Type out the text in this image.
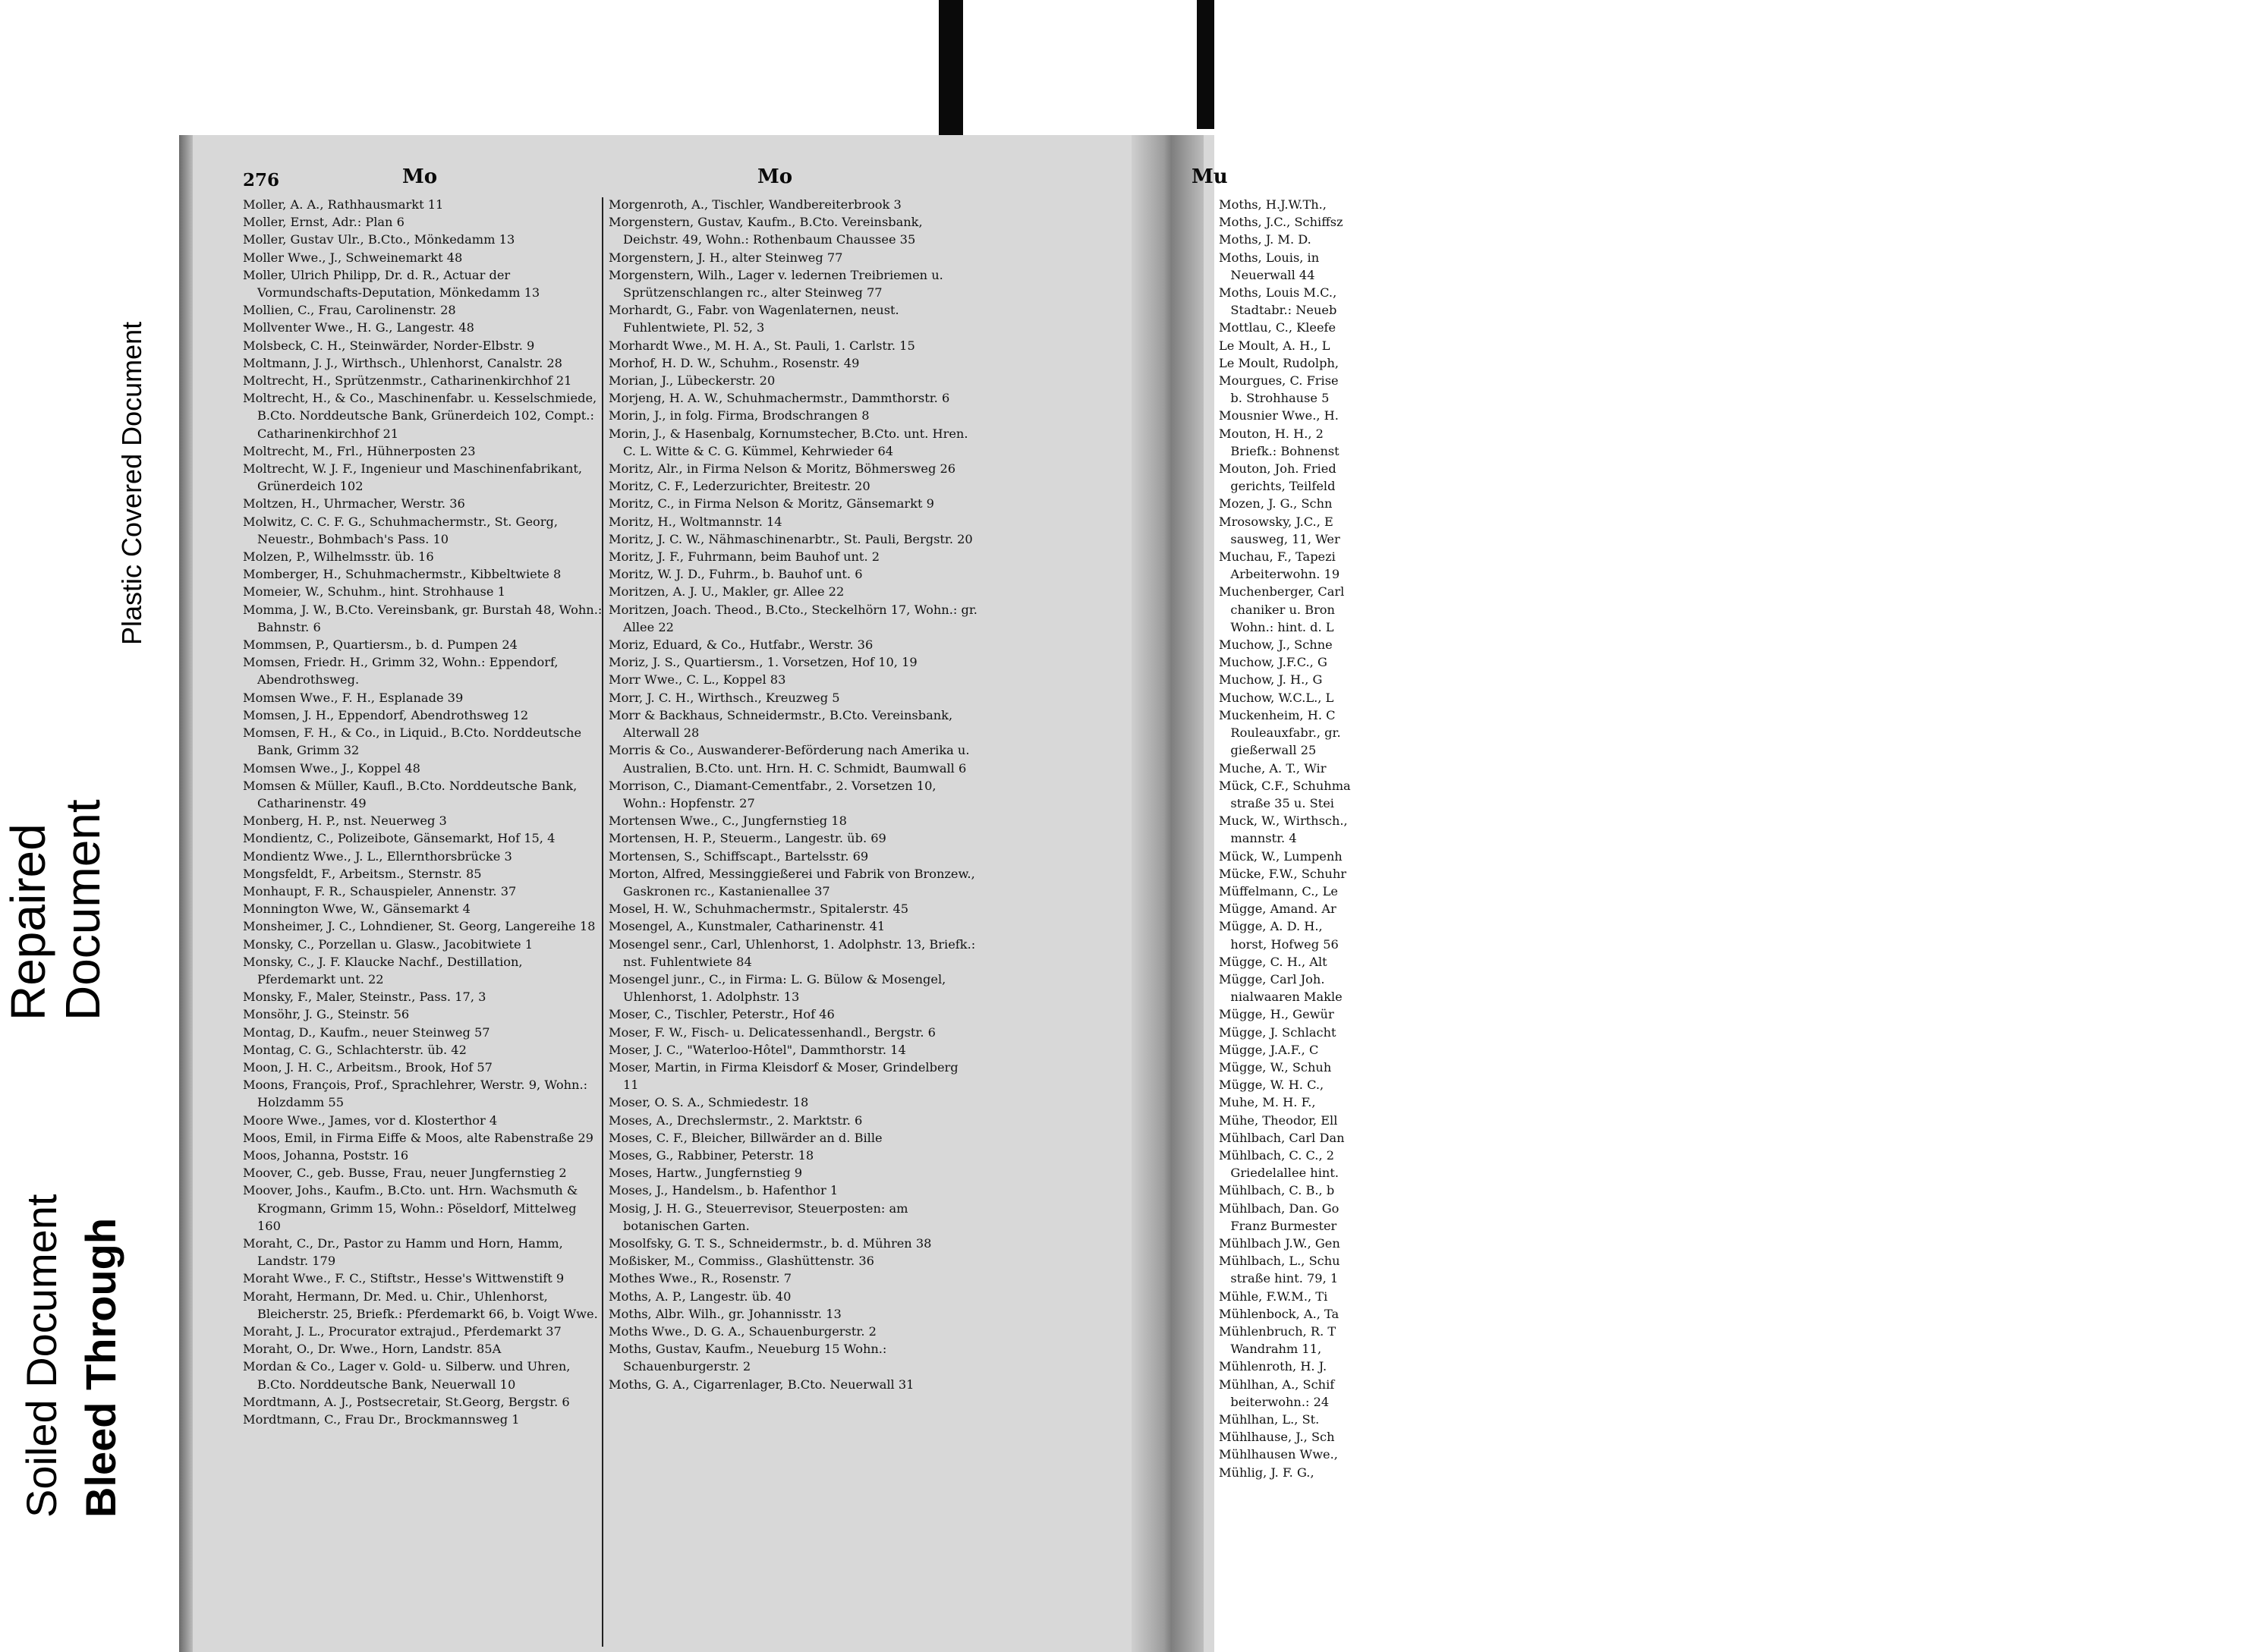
276	Mo	Mo	Mu
Moller, A. A., Rathhausmarkt 11
Moller, Ernst, Adr.: Plan 6
Moller, Gustav Ulr., B.Cto., Mönkedamm 13
Moller Wwe., J., Schweinemarkt 48
Moller, Ulrich Philipp, Dr. d. R., Actuar der Vormundschafts-Deputation, Mönkedamm 13
Mollien, C., Frau, Carolinenstr. 28
Mollventer Wwe., H. G., Langestr. 48
Molsbeck, C. H., Steinwärder, Norder-Elbstr. 9
Moltmann, J. J., Wirthsch., Uhlenhorst, Canalstr. 28
Moltrecht, H., Sprützenmstr., Catharinenkirchhof 21
Moltrecht, H., & Co., Maschinenfabr. u. Kesselschmiede, B.Cto. Norddeutsche Bank, Grünerdeich 102, Compt.: Catharinenkirchhof 21
Moltrecht, M., Frl., Hühnerposten 23
Moltrecht, W. J. F., Ingenieur und Maschinenfabrikant, Grünerdeich 102
Moltzen, H., Uhrmacher, Werstr. 36
Molwitz, C. C. F. G., Schuhmachermstr., St. Georg, Neuestr., Bohmbach's Pass. 10
Molzen, P., Wilhelmsstr. üb. 16
Momberger, H., Schuhmachermstr., Kibbeltwiete 8
Momeier, W., Schuhm., hint. Strohhause 1
Momma, J. W., B.Cto. Vereinsbank, gr. Burstah 48, Wohn.: Bahnstr. 6
Mommsen, P., Quartiersm., b. d. Pumpen 24
Momsen, Friedr. H., Grimm 32, Wohn.: Eppendorf, Abendrothsweg.
Momsen Wwe., F. H., Esplanade 39
Momsen, J. H., Eppendorf, Abendrothsweg 12
Momsen, F. H., & Co., in Liquid., B.Cto. Norddeutsche Bank, Grimm 32
Momsen Wwe., J., Koppel 48
Momsen & Müller, Kaufl., B.Cto. Norddeutsche Bank, Catharinenstr. 49
Monberg, H. P., nst. Neuerweg 3
Mondientz, C., Polizeibote, Gänsemarkt, Hof 15, 4
Mondientz Wwe., J. L., Ellernthorsbrücke 3
Mongsfeldt, F., Arbeitsm., Sternstr. 85
Monhaupt, F. R., Schauspieler, Annenstr. 37
Monnington Wwe, W., Gänsemarkt 4
Monsheimer, J. C., Lohndiener, St. Georg, Langereihe 18
Monsky, C., Porzellan u. Glasw., Jacobitwiete 1
Monsky, C., J. F. Klaucke Nachf., Destillation, Pferdemarkt unt. 22
Monsky, F., Maler, Steinstr., Pass. 17, 3
Monsöhr, J. G., Steinstr. 56
Montag, D., Kaufm., neuer Steinweg 57
Montag, C. G., Schlachterstr. üb. 42
Moon, J. H. C., Arbeitsm., Brook, Hof 57
Moons, François, Prof., Sprachlehrer, Werstr. 9, Wohn.: Holzdamm 55
Moore Wwe., James, vor d. Klosterthor 4
Moos, Emil, in Firma Eiffe & Moos, alte Rabenstraße 29
Moos, Johanna, Poststr. 16
Moover, C., geb. Busse, Frau, neuer Jungfernstieg 2
Moover, Johs., Kaufm., B.Cto. unt. Hrn. Wachsmuth & Krogmann, Grimm 15, Wohn.: Pöseldorf, Mittelweg 160
Moraht, C., Dr., Pastor zu Hamm und Horn, Hamm, Landstr. 179
Moraht Wwe., F. C., Stiftstr., Hesse's Wittwenstift 9
Moraht, Hermann, Dr. Med. u. Chir., Uhlenhorst, Bleicherstr. 25, Briefk.: Pferdemarkt 66, b. Voigt Wwe.
Moraht, J. L., Procurator extrajud., Pferdemarkt 37
Moraht, O., Dr. Wwe., Horn, Landstr. 85A
Mordan & Co., Lager v. Gold- u. Silberw. und Uhren, B.Cto. Norddeutsche Bank, Neuerwall 10
Mordtmann, A. J., Postsecretair, St.Georg, Bergstr. 6
Mordtmann, C., Frau Dr., Brockmannsweg 1
Morgenroth, A., Tischler, Wandbereiterbrook 3
Morgenstern, Gustav, Kaufm., B.Cto. Vereinsbank, Deichstr. 49, Wohn.: Rothenbaum Chaussee 35
Morgenstern, J. H., alter Steinweg 77
Morgenstern, Wilh., Lager v. ledernen Treibriemen u. Sprützenschlangen rc., alter Steinweg 77
Morhardt, G., Fabr. von Wagenlaternen, neust. Fuhlentwiete, Pl. 52, 3
Morhardt Wwe., M. H. A., St. Pauli, 1. Carlstr. 15
Morhof, H. D. W., Schuhm., Rosenstr. 49
Morian, J., Lübeckerstr. 20
Morjeng, H. A. W., Schuhmachermstr., Dammthorstr. 6
Morin, J., in folg. Firma, Brodschrangen 8
Morin, J., & Hasenbalg, Kornumstecher, B.Cto. unt. Hren. C. L. Witte & C. G. Kümmel, Kehrwieder 64
Moritz, Alr., in Firma Nelson & Moritz, Böhmersweg 26
Moritz, C. F., Lederzurichter, Breitestr. 20
Moritz, C., in Firma Nelson & Moritz, Gänsemarkt 9
Moritz, H., Woltmannstr. 14
Moritz, J. C. W., Nähmaschinenarbtr., St. Pauli, Bergstr. 20
Moritz, J. F., Fuhrmann, beim Bauhof unt. 2
Moritz, W. J. D., Fuhrm., b. Bauhof unt. 6
Moritzen, A. J. U., Makler, gr. Allee 22
Moritzen, Joach. Theod., B.Cto., Steckelhörn 17, Wohn.: gr. Allee 22
Moriz, Eduard, & Co., Hutfabr., Werstr. 36
Moriz, J. S., Quartiersm., 1. Vorsetzen, Hof 10, 19
Morr Wwe., C. L., Koppel 83
Morr, J. C. H., Wirthsch., Kreuzweg 5
Morr & Backhaus, Schneidermstr., B.Cto. Vereinsbank, Alterwall 28
Morris & Co., Auswanderer-Beförderung nach Amerika u. Australien, B.Cto. unt. Hrn. H. C. Schmidt, Baumwall 6
Morrison, C., Diamant-Cementfabr., 2. Vorsetzen 10, Wohn.: Hopfenstr. 27
Mortensen Wwe., C., Jungfernstieg 18
Mortensen, H. P., Steuerm., Langestr. üb. 69
Mortensen, S., Schiffscapt., Bartelsstr. 69
Morton, Alfred, Messinggießerei und Fabrik von Bronzew., Gaskronen rc., Kastanienallee 37
Mosel, H. W., Schuhmachermstr., Spitalerstr. 45
Mosengel, A., Kunstmaler, Catharinenstr. 41
Mosengel senr., Carl, Uhlenhorst, 1. Adolphstr. 13, Briefk.: nst. Fuhlentwiete 84
Mosengel junr., C., in Firma: L. G. Bülow & Mosengel, Uhlenhorst, 1. Adolphstr. 13
Moser, C., Tischler, Peterstr., Hof 46
Moser, F. W., Fisch- u. Delicatessenhandl., Bergstr. 6
Moser, J. C., "Waterloo-Hôtel", Dammthorstr. 14
Moser, Martin, in Firma Kleisdorf & Moser, Grindelberg 11
Moser, O. S. A., Schmiedestr. 18
Moses, A., Drechslermstr., 2. Marktstr. 6
Moses, C. F., Bleicher, Billwärder an d. Bille
Moses, G., Rabbiner, Peterstr. 18
Moses, Hartw., Jungfernstieg 9
Moses, J., Handelsm., b. Hafenthor 1
Mosig, J. H. G., Steuerrevisor, Steuerposten: am botanischen Garten.
Mosolfsky, G. T. S., Schneidermstr., b. d. Mühren 38
Moßisker, M., Commiss., Glashüttenstr. 36
Mothes Wwe., R., Rosenstr. 7
Moths, A. P., Langestr. üb. 40
Moths, Albr. Wilh., gr. Johannisstr. 13
Moths Wwe., D. G. A., Schauenburgerstr. 2
Moths, Gustav, Kaufm., Neueburg 15 Wohn.: Schauenburgerstr. 2
Moths, G. A., Cigarrenlager, B.Cto. Neuerwall 31
Moths, H.J.W.Th.,
Moths, J.C., Schiffsz
Moths, J. M. D.
Moths, Louis, in
Neuerwall 44
Moths, Louis M.C.,
Stadtabr.: Neueb
Mottlau, C., Kleefe
Le Moult, A. H., L
Le Moult, Rudolph,
Mourgues, C. Frise
b. Strohhause 5
Mousnier Wwe., H.
Mouton, H. H., 2
Briefk.: Bohnenst
Mouton, Joh. Fried
gerichts, Teilfeld
Mozen, J. G., Schn
Mrosowsky, J.C., E
sausweg, 11, Wer
Muchau, F., Tapezi
Arbeiterwohn. 19
Muchenberger, Carl
chaniker u. Bron
Wohn.: hint. d. L
Muchow, J., Schne
Muchow, J.F.C., G
Muchow, J. H., G
Muchow, W.C.L., L
Muckenheim, H. C
Rouleauxfabr., gr.
gießerwall 25
Muche, A. T., Wir
Mück, C.F., Schuhma
straße 35 u. Stei
Muck, W., Wirthsch.,
mannstr. 4
Mück, W., Lumpenh
Mücke, F.W., Schuhr
Müffelmann, C., Le
Mügge, Amand. Ar
Mügge, A. D. H.,
horst, Hofweg 56
Mügge, C. H., Alt
Mügge, Carl Joh.
nialwaaren Makle
Mügge, H., Gewür
Mügge, J. Schlacht
Mügge, J.A.F., C
Mügge, W., Schuh
Mügge, W. H. C.,
Muhe, M. H. F.,
Mühe, Theodor, Ell
Mühlbach, Carl Dan
Mühlbach, C. C., 2
Griedelallee hint.
Mühlbach, C. B., b
Mühlbach, Dan. Go
Franz Burmester
Mühlbach J.W., Gen
Mühlbach, L., Schu
straße hint. 79, 1
Mühle, F.W.M., Ti
Mühlenbock, A., Ta
Mühlenbruch, R. T
Wandrahm 11,
Mühlenroth, H. J.
Mühlhan, A., Schif
beiterwohn.: 24
Mühlhan, L., St.
Mühlhause, J., Sch
Mühlhausen Wwe.,
Mühlig, J. F. G.,
Plastic Covered Document
Repaired Document
Soiled Document Bleed Through
